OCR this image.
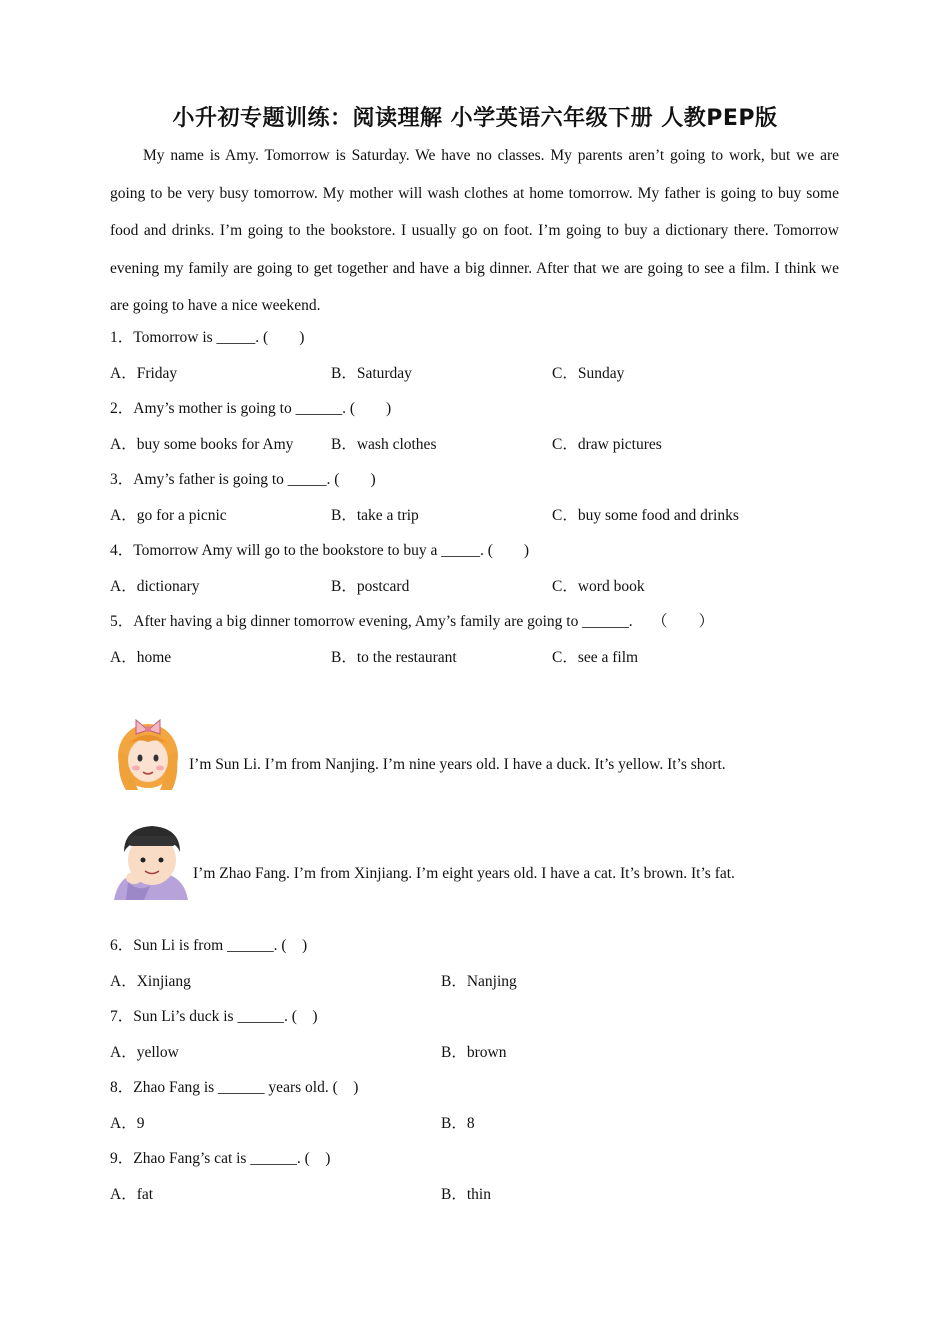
小升初专题训练：阅读理解 小学英语六年级下册 人教PEP版

My name is Amy. Tomorrow is Saturday. We have no classes. My parents aren’t going to work, but we are going to be very busy tomorrow. My mother will wash clothes at home tomorrow. My father is going to buy some food and drinks. I’m going to the bookstore. I usually go on foot. I’m going to buy a dictionary there. Tomorrow evening my family are going to get together and have a big dinner. After that we are going to see a film. I think we are going to have a nice weekend.

1．Tomorrow is _____. (　　)
A．Friday	B．Saturday	C．Sunday
2．Amy’s mother is going to ______. (　　)
A．buy some books for Amy B．wash clothes	C．draw pictures
3．Amy’s father is going to _____. (　　)
A．go for a picnic	B．take a trip	C．buy some food and drinks
4．Tomorrow Amy will go to the bookstore to buy a _____. (　　)
A．dictionary	B．postcard	C．word book
5．After having a big dinner tomorrow evening, Amy’s family are going to ______.　 （　　）
A．home	B．to the restaurant	C．see a film
I’m Sun Li. I’m from Nanjing. I’m nine years old. I have a duck. It’s yellow. It’s short.
I’m Zhao Fang. I’m from Xinjiang. I’m eight years old. I have a cat. It’s brown. It’s fat.
6．Sun Li is from ______. (　)
A．Xinjiang	B．Nanjing
7．Sun Li’s duck is ______. (　)
A．yellow	B．brown
8．Zhao Fang is ______ years old. (　)
A．9	B．8
9．Zhao Fang’s cat is ______. (　)
A．fat	B．thin
